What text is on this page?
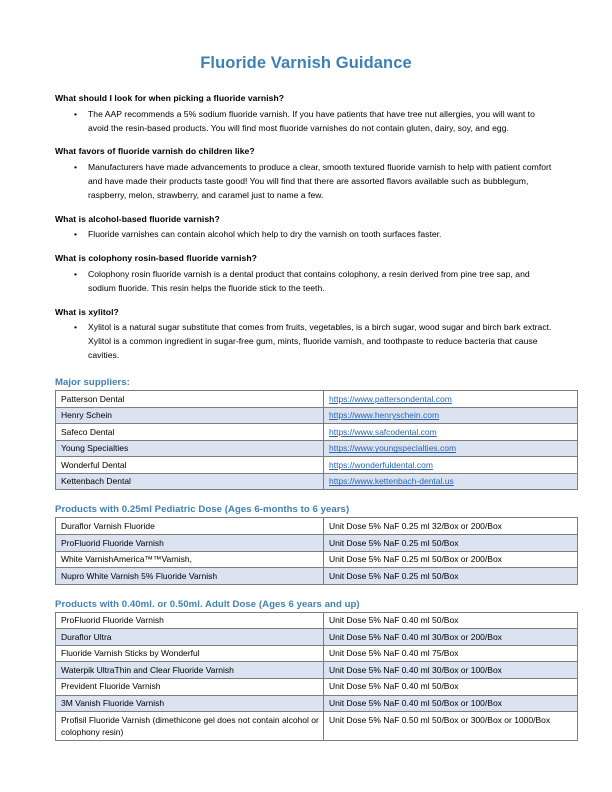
Fluoride Varnish Guidance
What should I look for when picking a fluoride varnish?
• The AAP recommends a 5% sodium fluoride varnish. If you have patients that have tree nut allergies, you will want to avoid the resin-based products. You will find most fluoride varnishes do not contain gluten, dairy, soy, and egg.
What favors of fluoride varnish do children like?
• Manufacturers have made advancements to produce a clear, smooth textured fluoride varnish to help with patient comfort and have made their products taste good! You will find that there are assorted flavors available such as bubblegum, raspberry, melon, strawberry, and caramel just to name a few.
What is alcohol-based fluoride varnish?
• Fluoride varnishes can contain alcohol which help to dry the varnish on tooth surfaces faster.
What is colophony rosin-based fluoride varnish?
• Colophony rosin fluoride varnish is a dental product that contains colophony, a resin derived from pine tree sap, and sodium fluoride. This resin helps the fluoride stick to the teeth.
What is xylitol?
• Xylitol is a natural sugar substitute that comes from fruits, vegetables, is a birch sugar, wood sugar and birch bark extract. Xylitol is a common ingredient in sugar-free gum, mints, fluoride varnish, and toothpaste to reduce bacteria that cause cavities.
Major suppliers:
Patterson Dental	https://www.pattersondental.com
Henry Schein	https://www.henryschein.com
Safeco Dental	https://www.safcodental.com
Young Specialties	https://www.youngspecialties.com
Wonderful Dental	https://wonderfuldental.com
Kettenbach Dental	https://www.kettenbach-dental.us
Products with 0.25ml Pediatric Dose (Ages 6-months to 6 years)
Duraflor Varnish Fluoride	Unit Dose 5% NaF 0.25 ml 32/Box or 200/Box
ProFluorid Fluoride Varnish	Unit Dose 5% NaF 0.25 ml 50/Box
White VarnishAmerica™™Varnish,	Unit Dose 5% NaF 0.25 ml 50/Box or 200/Box
Nupro White Varnish 5% Fluoride Varnish	Unit Dose 5% NaF 0.25 ml 50/Box
Products with 0.40ml. or 0.50ml. Adult Dose (Ages 6 years and up)
ProFluorid Fluoride Varnish	Unit Dose 5% NaF 0.40 ml 50/Box
Duraflor Ultra	Unit Dose 5% NaF 0.40 ml 30/Box or 200/Box
Fluoride Varnish Sticks by Wonderful	Unit Dose 5% NaF 0.40 ml 75/Box
Waterpik UltraThin and Clear Fluoride Varnish	Unit Dose 5% NaF 0.40 ml 30/Box or 100/Box
Prevident Fluoride Varnish	Unit Dose 5% NaF 0.40 ml 50/Box
3M Vanish Fluoride Varnish	Unit Dose 5% NaF 0.40 ml 50/Box or 100/Box
Profisil Fluoride Varnish (dimethicone gel does not contain alcohol or colophony resin)	Unit Dose 5% NaF 0.50 ml 50/Box or 300/Box or 1000/Box
